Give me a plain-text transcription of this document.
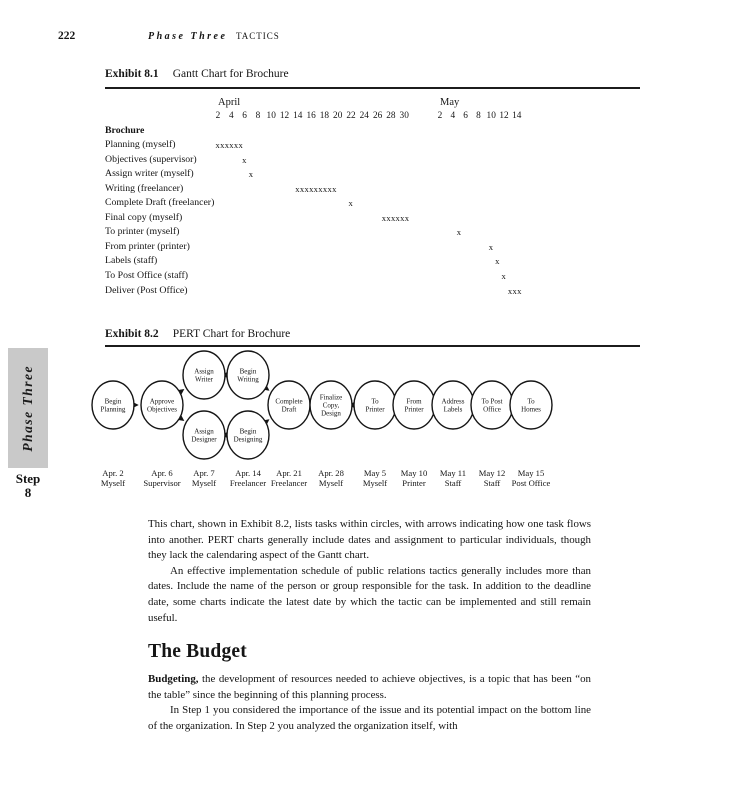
222	Phase Three TACTICS
Exhibit 8.1 Gantt Chart for Brochure
April
2 4 6 8 10 12 14 16 18 20 22 24 26 28 30
May
2 4 6 8 10 12 14
Brochure
Planning (myself)	xxxxxx
Objectives (supervisor)	x
Assign writer (myself)	x
Writing (freelancer)	xxxxxxxxx
Complete Draft (freelancer)	x
Final copy (myself)	xxxxxx
To printer (myself)	x
From printer (printer)	x
Labels (staff)	x
To Post Office (staff)	x
Deliver (Post Office)	xxx
Exhibit 8.2 PERT Chart for Brochure
Begin Planning
Approve Objectives
Assign Writer
Assign Designer
Begin Writing
Begin Designing
Complete Draft
Finalize Copy, Design
To Printer
From Printer
Address Labels
To Post Office
To Homes
Apr. 2
Myself
Apr. 6
Supervisor
Apr. 7
Myself
Apr. 14
Freelancer
Apr. 21
Freelancer
Apr. 28
Myself
May 5
Myself
May 10
Printer
May 11
Staff
May 12
Staff
May 15
Post Office
Phase Three
Step
8

This chart, shown in Exhibit 8.2, lists tasks within circles, with arrows indicating how one task flows into another. PERT charts generally include dates and assignment to particular individuals, though they lack the calendaring aspect of the Gantt chart.

An effective implementation schedule of public relations tactics generally includes more than dates. Include the name of the person or group responsible for the task. In addition to the deadline date, some charts indicate the latest date by which the tactic can be implemented and still remain useful.

The Budget

Budgeting, the development of resources needed to achieve objectives, is a topic that has been “on the table” since the beginning of this planning process.

In Step 1 you considered the importance of the issue and its potential impact on the bottom line of the organization. In Step 2 you analyzed the organization itself, with
